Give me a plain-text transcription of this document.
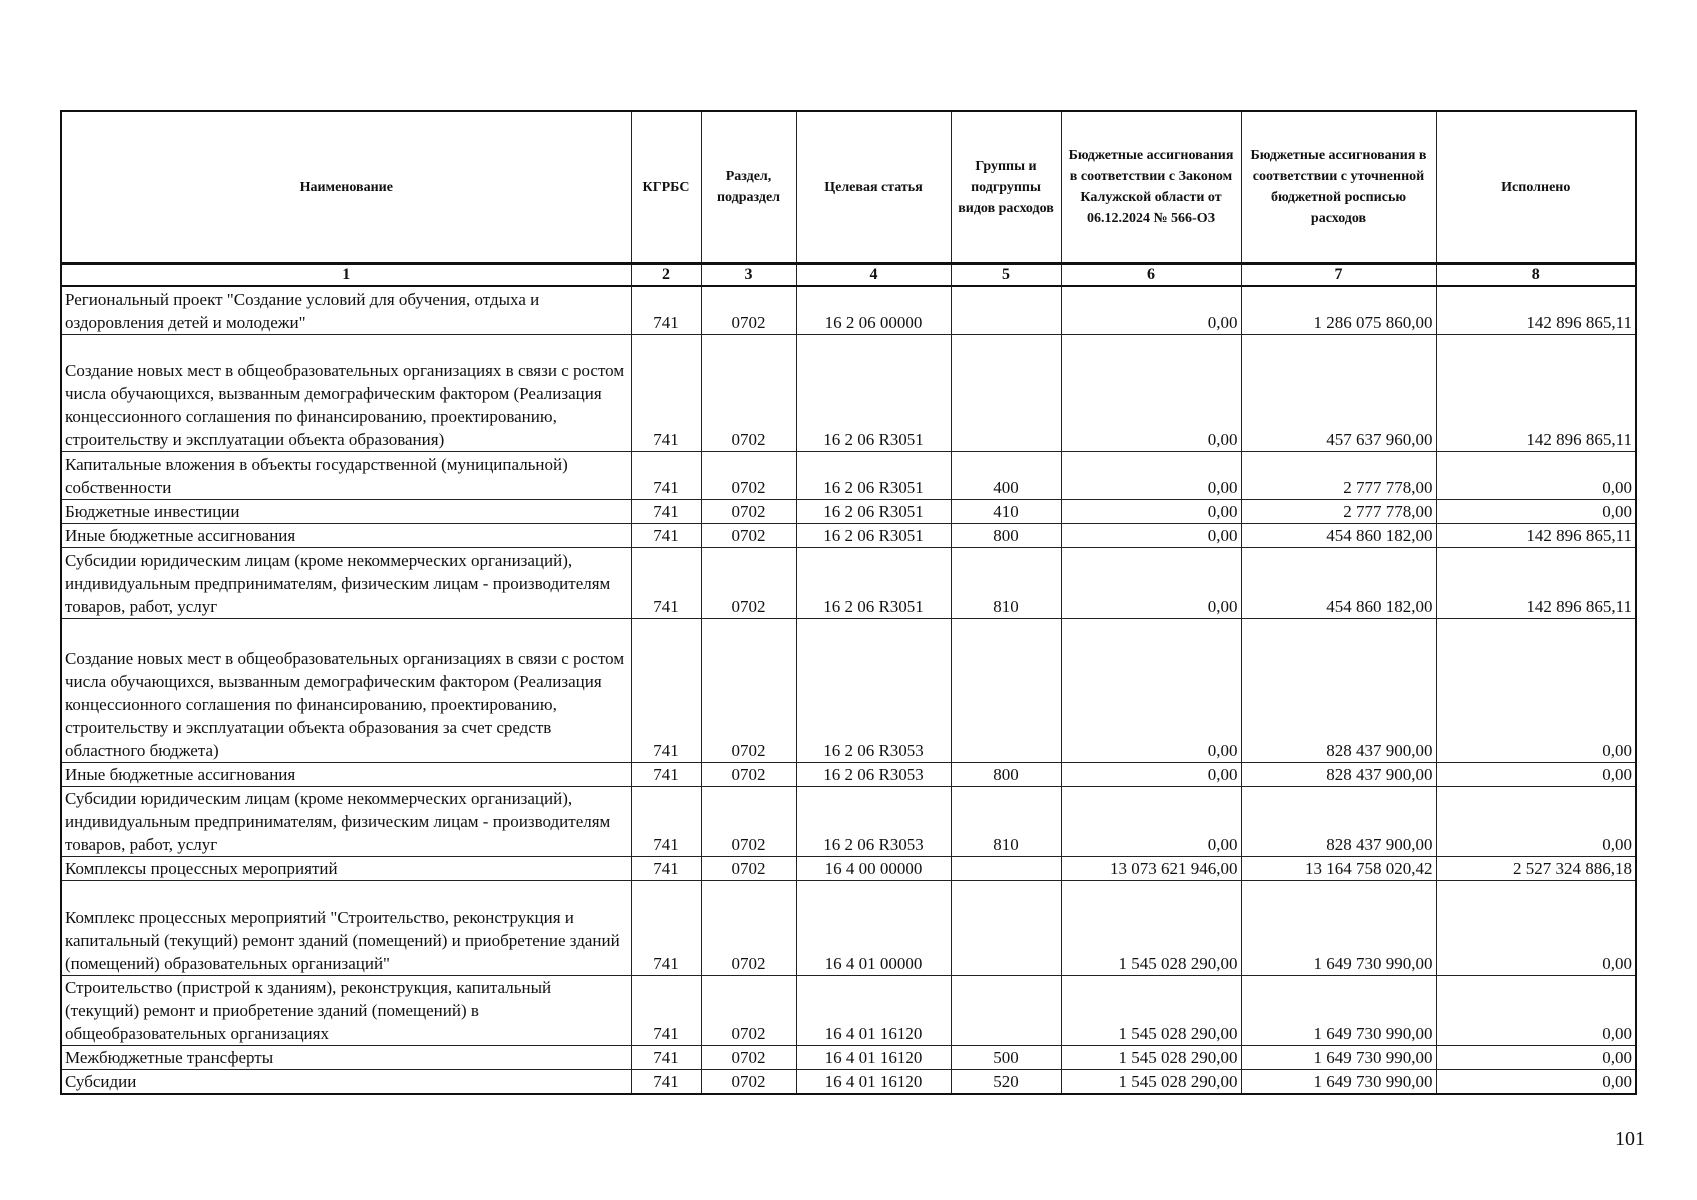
Наименование	КГРБС	Раздел, подраздел	Целевая статья	Группы и подгруппы видов расходов	Бюджетные ассигнования в соответствии с Законом Калужской области от 06.12.2024 № 566-ОЗ	Бюджетные ассигнования в соответствии с уточненной бюджетной росписью расходов	Исполнено
1	2	3	4	5	6	7	8
Региональный проект "Создание условий для обучения, отдыха и оздоровления детей и молодежи"	741	0702	16 2 06 00000		0,00	1 286 075 860,00	142 896 865,11
Создание новых мест в общеобразовательных организациях в связи с ростом числа обучающихся, вызванным демографическим фактором (Реализация концессионного соглашения по финансированию, проектированию, строительству и эксплуатации объекта образования)	741	0702	16 2 06 R3051		0,00	457 637 960,00	142 896 865,11
Капитальные вложения в объекты государственной (муниципальной) собственности	741	0702	16 2 06 R3051	400	0,00	2 777 778,00	0,00
Бюджетные инвестиции	741	0702	16 2 06 R3051	410	0,00	2 777 778,00	0,00
Иные бюджетные ассигнования	741	0702	16 2 06 R3051	800	0,00	454 860 182,00	142 896 865,11
Субсидии юридическим лицам (кроме некоммерческих организаций), индивидуальным предпринимателям, физическим лицам - производителям товаров, работ, услуг	741	0702	16 2 06 R3051	810	0,00	454 860 182,00	142 896 865,11
Создание новых мест в общеобразовательных организациях в связи с ростом числа обучающихся, вызванным демографическим фактором (Реализация концессионного соглашения по финансированию, проектированию, строительству и эксплуатации объекта образования за счет средств областного бюджета)	741	0702	16 2 06 R3053		0,00	828 437 900,00	0,00
Иные бюджетные ассигнования	741	0702	16 2 06 R3053	800	0,00	828 437 900,00	0,00
Субсидии юридическим лицам (кроме некоммерческих организаций), индивидуальным предпринимателям, физическим лицам - производителям товаров, работ, услуг	741	0702	16 2 06 R3053	810	0,00	828 437 900,00	0,00
Комплексы процессных мероприятий	741	0702	16 4 00 00000		13 073 621 946,00	13 164 758 020,42	2 527 324 886,18
Комплекс процессных мероприятий "Строительство, реконструкция и капитальный (текущий) ремонт зданий (помещений) и приобретение зданий (помещений) образовательных организаций"	741	0702	16 4 01 00000		1 545 028 290,00	1 649 730 990,00	0,00
Строительство (пристрой к зданиям), реконструкция, капитальный (текущий) ремонт и приобретение зданий (помещений) в общеобразовательных организациях	741	0702	16 4 01 16120		1 545 028 290,00	1 649 730 990,00	0,00
Межбюджетные трансферты	741	0702	16 4 01 16120	500	1 545 028 290,00	1 649 730 990,00	0,00
Субсидии	741	0702	16 4 01 16120	520	1 545 028 290,00	1 649 730 990,00	0,00
101
